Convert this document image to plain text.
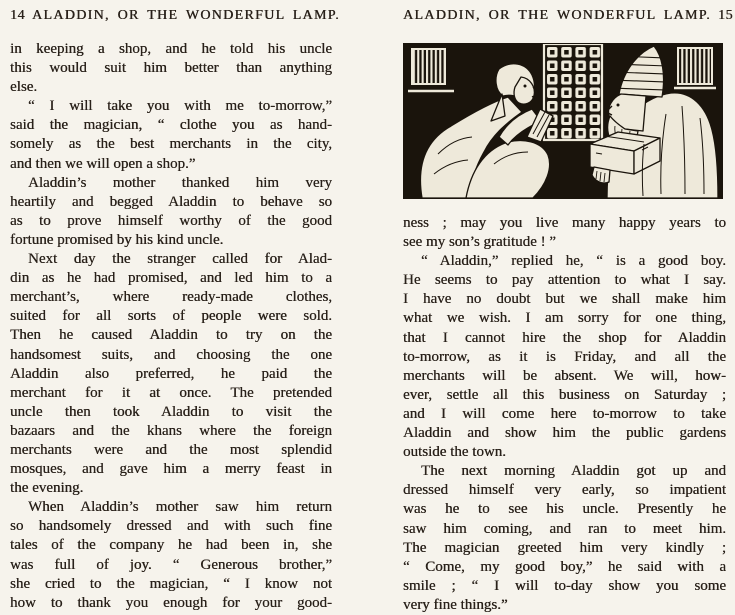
14 ALADDIN, OR THE WONDERFUL LAMP.
in keeping a shop, and he told his uncle
this would suit him better than anything
else.
“ I will take you with me to-morrow,”
said the magician, “ clothe you as hand-
somely as the best merchants in the city,
and then we will open a shop.”
Aladdin’s mother thanked him very
heartily and begged Aladdin to behave so
as to prove himself worthy of the good
fortune promised by his kind uncle.
Next day the stranger called for Alad-
din as he had promised, and led him to a
merchant’s, where ready-made clothes,
suited for all sorts of people were sold.
Then he caused Aladdin to try on the
handsomest suits, and choosing the one
Aladdin also preferred, he paid the
merchant for it at once. The pretended
uncle then took Aladdin to visit the
bazaars and the khans where the foreign
merchants were and the most splendid
mosques, and gave him a merry feast in
the evening.
When Aladdin’s mother saw him return
so handsomely dressed and with such fine
tales of the company he had been in, she
was full of joy. “ Generous brother,”
she cried to the magician, “ I know not
how to thank you enough for your good-
ALADDIN, OR THE WONDERFUL LAMP. 15
ness ; may you live many happy years to
see my son’s gratitude ! ”
“ Aladdin,” replied he, “ is a good boy.
He seems to pay attention to what I say.
I have no doubt but we shall make him
what we wish. I am sorry for one thing,
that I cannot hire the shop for Aladdin
to-morrow, as it is Friday, and all the
merchants will be absent. We will, how-
ever, settle all this business on Saturday ;
and I will come here to-morrow to take
Aladdin and show him the public gardens
outside the town.
The next morning Aladdin got up and
dressed himself very early, so impatient
was he to see his uncle. Presently he
saw him coming, and ran to meet him.
The magician greeted him very kindly ;
“ Come, my good boy,” he said with a
smile ; “ I will to-day show you some
very fine things.”
